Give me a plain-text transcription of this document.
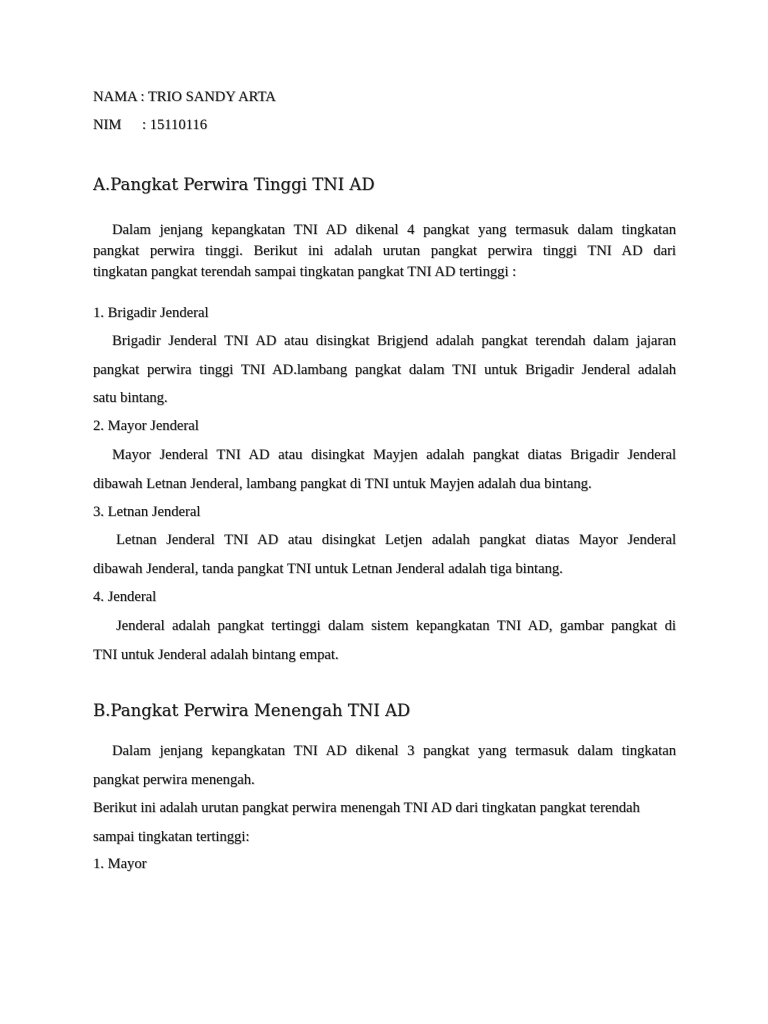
NAMA : TRIO SANDY ARTA
NIM : 15110116
A.Pangkat Perwira Tinggi TNI AD
Dalam jenjang kepangkatan TNI AD dikenal 4 pangkat yang termasuk dalam tingkatan
pangkat perwira tinggi. Berikut ini adalah urutan pangkat perwira tinggi TNI AD dari
tingkatan pangkat terendah sampai tingkatan pangkat TNI AD tertinggi :
1. Brigadir Jenderal
Brigadir Jenderal TNI AD atau disingkat Brigjend adalah pangkat terendah dalam jajaran
pangkat perwira tinggi TNI AD.lambang pangkat dalam TNI untuk Brigadir Jenderal adalah
satu bintang.
2. Mayor Jenderal
Mayor Jenderal TNI AD atau disingkat Mayjen adalah pangkat diatas Brigadir Jenderal
dibawah Letnan Jenderal, lambang pangkat di TNI untuk Mayjen adalah dua bintang.
3. Letnan Jenderal
Letnan Jenderal TNI AD atau disingkat Letjen adalah pangkat diatas Mayor Jenderal
dibawah Jenderal, tanda pangkat TNI untuk Letnan Jenderal adalah tiga bintang.
4. Jenderal
Jenderal adalah pangkat tertinggi dalam sistem kepangkatan TNI AD, gambar pangkat di
TNI untuk Jenderal adalah bintang empat.
B.Pangkat Perwira Menengah TNI AD
Dalam jenjang kepangkatan TNI AD dikenal 3 pangkat yang termasuk dalam tingkatan
pangkat perwira menengah.
Berikut ini adalah urutan pangkat perwira menengah TNI AD dari tingkatan pangkat terendah
sampai tingkatan tertinggi:
1. Mayor
